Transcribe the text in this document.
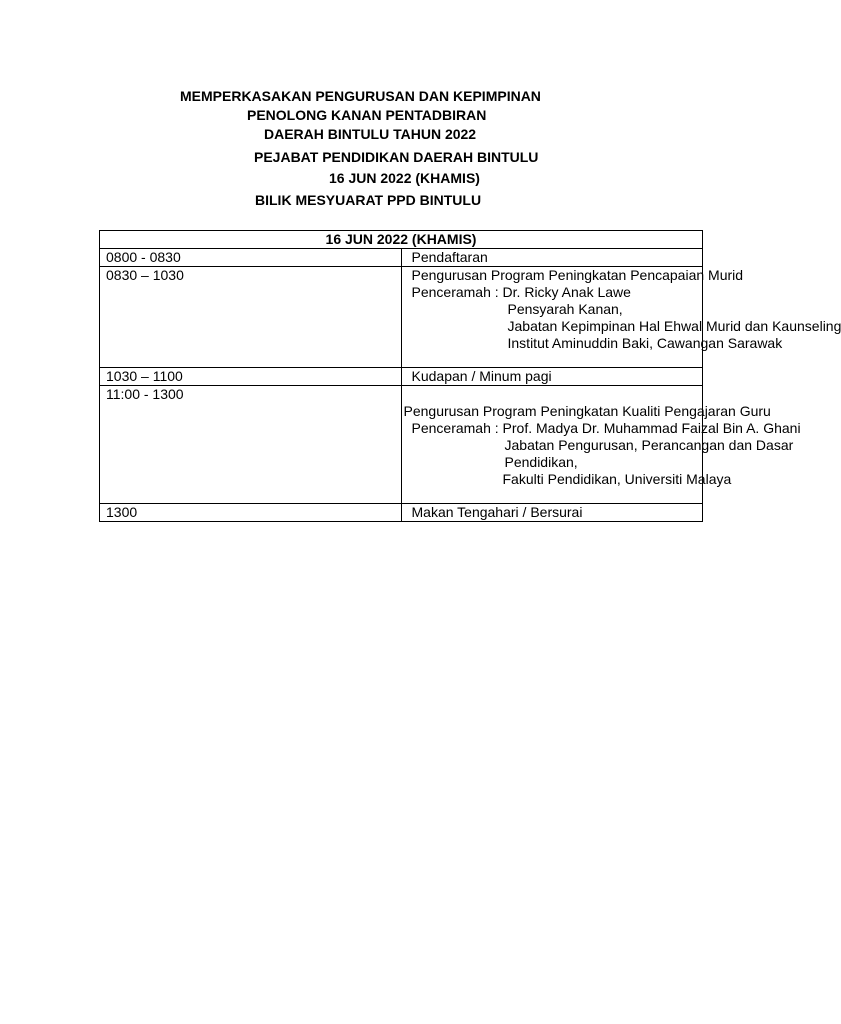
MEMPERKASAKAN PENGURUSAN DAN KEPIMPINAN
PENOLONG KANAN PENTADBIRAN
DAERAH BINTULU TAHUN 2022
PEJABAT PENDIDIKAN DAERAH BINTULU
16 JUN 2022 (KHAMIS)
BILIK MESYUARAT PPD BINTULU
16 JUN 2022 (KHAMIS)	
0800 - 0830	Pendaftaran

0830 – 1030	Pengurusan Program Peningkatan Pencapaian Murid
Penceramah : Dr. Ricky Anak Lawe
Pensyarah Kanan,
Jabatan Kepimpinan Hal Ehwal Murid dan Kaunseling
Institut Aminuddin Baki, Cawangan Sarawak

1030 – 1100	Kudapan / Minum pagi

11:00 - 1300	Pengurusan Program Peningkatan Kualiti Pengajaran Guru
Penceramah : Prof. Madya Dr. Muhammad Faizal Bin A. Ghani
Jabatan Pengurusan, Perancangan dan Dasar
Pendidikan,
Fakulti Pendidikan, Universiti Malaya

1300	Makan Tengahari / Bersurai
